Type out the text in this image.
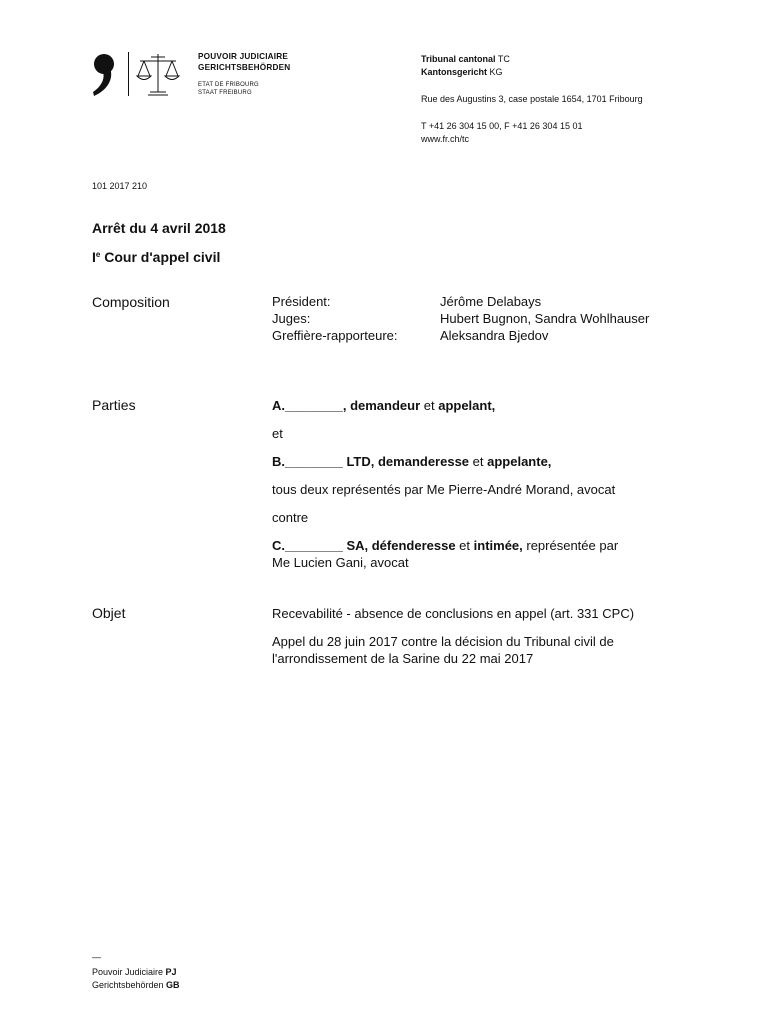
POUVOIR JUDICIAIRE
GERICHTSBEHÖRDEN
ETAT DE FRIBOURG
STAAT FREIBURG
Tribunal cantonal TC
Kantonsgericht KG
Rue des Augustins 3, case postale 1654, 1701 Fribourg
T +41 26 304 15 00, F +41 26 304 15 01
www.fr.ch/tc
101 2017 210
Arrêt du 4 avril 2018
Ie Cour d'appel civil
Composition	Président:	Jérôme Delabays
Juges:	Hubert Bugnon, Sandra Wohlhauser
Greffière-rapporteure:	Aleksandra Bjedov
Parties	A.________, demandeur et appelant,
et
B.________ LTD, demanderesse et appelante,
tous deux représentés par Me Pierre-André Morand, avocat
contre
C.________ SA, défenderesse et intimée, représentée par
Me Lucien Gani, avocat
Objet	Recevabilité - absence de conclusions en appel (art. 331 CPC)
Appel du 28 juin 2017 contre la décision du Tribunal civil de
l'arrondissement de la Sarine du 22 mai 2017
—
Pouvoir Judiciaire PJ
Gerichtsbehörden GB
